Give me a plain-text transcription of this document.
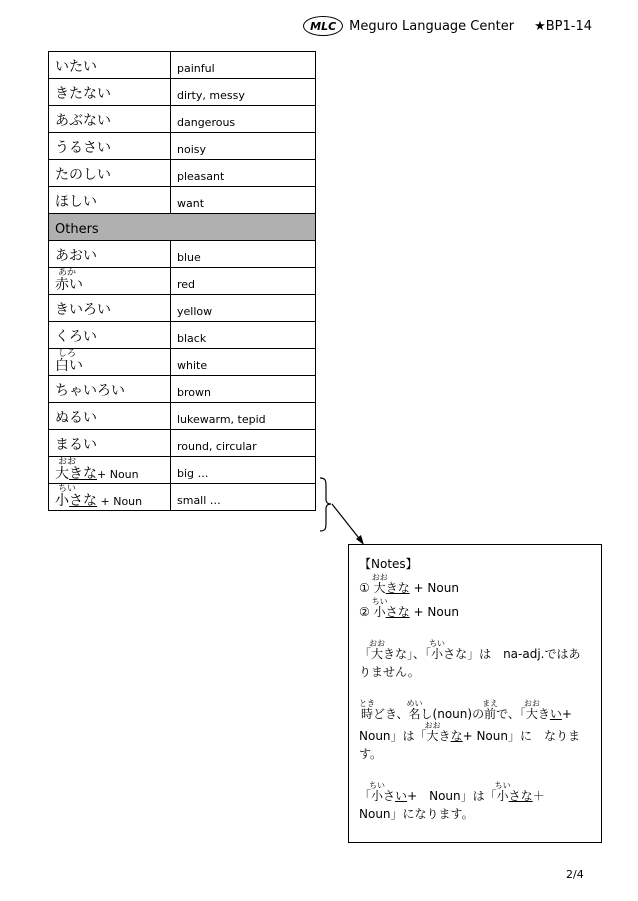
MLC Meguro Language Center ★BP1-14
いたい	painful
きたない	dirty, messy
あぶない	dangerous
うるさい	noisy
たのしい	pleasant
ほしい	want
Others	
あおい	blue

あか
赤い	red
きいろい	yellow
くろい	black

しろ
白い	white
ちゃいろい	brown
ぬるい	lukewarm, tepid
まるい	round, circular

おお
大きな+ Noun	big …

ちい
小さな + Noun	small …

【Notes】

① 大おおきな + Noun

② 小ちいさな + Noun

「大おおきな」、「小ちいさな」は　na-adj.ではありません。

時ときどき、名めいし(noun)の前まえで、「大おおきい+ Noun」は「大おおきな+ Noun」に　なります。

「小ちいさい+　Noun」は「小ちいさな＋　Noun」になります。

2/4
